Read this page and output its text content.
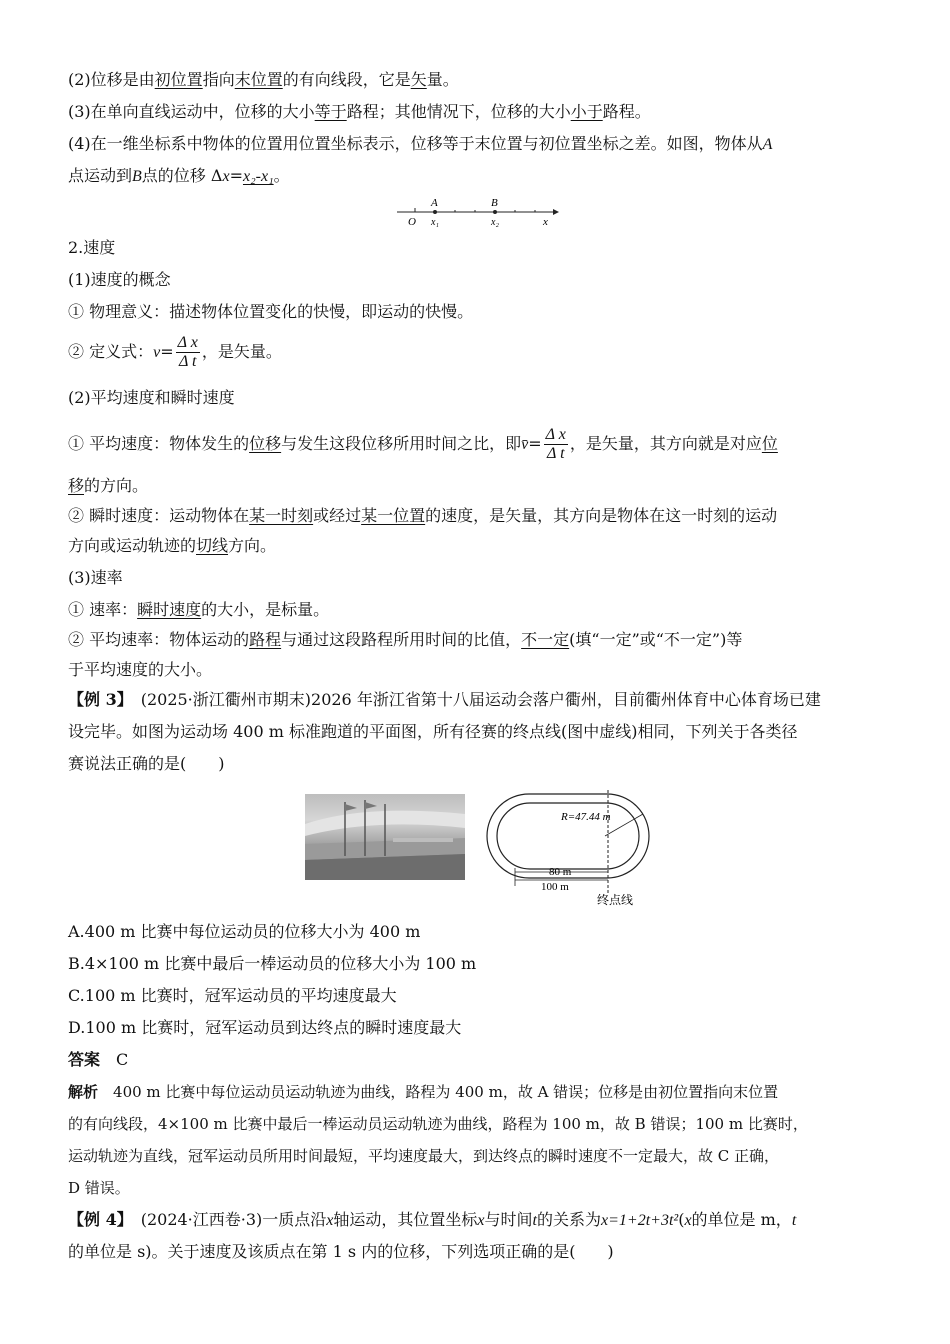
(2)位移是由初位置指向末位置的有向线段，它是矢量。
(3)在单向直线运动中，位移的大小等于路程；其他情况下，位移的大小小于路程。
(4)在一维坐标系中物体的位置用位置坐标表示，位移等于末位置与初位置坐标之差。如图，物体从A
点运动到B点的位移 Δx=x₂-x₁。
A	B
O x₁	x₂	x
2.速度
(1)速度的概念
① 物理意义：描述物体位置变化的快慢，即运动的快慢。
② 定义式：$v= \frac{\text{Δ x}}{\text{Δ t}}$ ，是矢量。
(2)平均速度和瞬时速度
① 平均速度：物体发生的位移与发生这段位移所用时间之比，即v̄= $\frac{\text{Δ x}}{\text{Δ t}}$ ，是矢量，其方向就是对应位
移的方向。
② 瞬时速度：运动物体在某一时刻或经过某一位置的速度，是矢量，其方向是物体在这一时刻的运动
方向或运动轨迹的切线方向。
(3)速率
① 速率：瞬时速度的大小，是标量。
② 平均速率：物体运动的路程与通过这段路程所用时间的比值，不一定(填“一定”或“不一定”)等
于平均速度的大小。
【例 3】　(2025·浙江衢州市期末)2026 年浙江省第十八届运动会落户衢州，目前衢州体育中心体育场已建
设完毕。如图为运动场 400 m 标准跑道的平面图，所有径赛的终点线(图中虚线)相同，下列关于各类径
赛说法正确的是(　　)
R=47.44 m
80 m
100 m
终点线
A.400 m 比赛中每位运动员的位移大小为 400 m
B.4×100 m 比赛中最后一棒运动员的位移大小为 100 m
C.100 m 比赛时，冠军运动员的平均速度最大
D.100 m 比赛时，冠军运动员到达终点的瞬时速度最大
答案　 C
解析　 400 m 比赛中每位运动员运动轨迹为曲线，路程为 400 m，故 A 错误；位移是由初位置指向末位置
的有向线段，4×100 m 比赛中最后一棒运动员运动轨迹为曲线，路程为 100 m，故 B 错误；100 m 比赛时，
运动轨迹为直线，冠军运动员所用时间最短，平均速度最大，到达终点的瞬时速度不一定最大，故 C 正确，
D 错误。
【例 4】　(2024·江西卷·3)一质点沿x轴运动，其位置坐标x与时间t的关系为x=1+2t+3t²(x的单位是 m，t
的单位是 s)。关于速度及该质点在第 1 s 内的位移，下列选项正确的是(　　)
